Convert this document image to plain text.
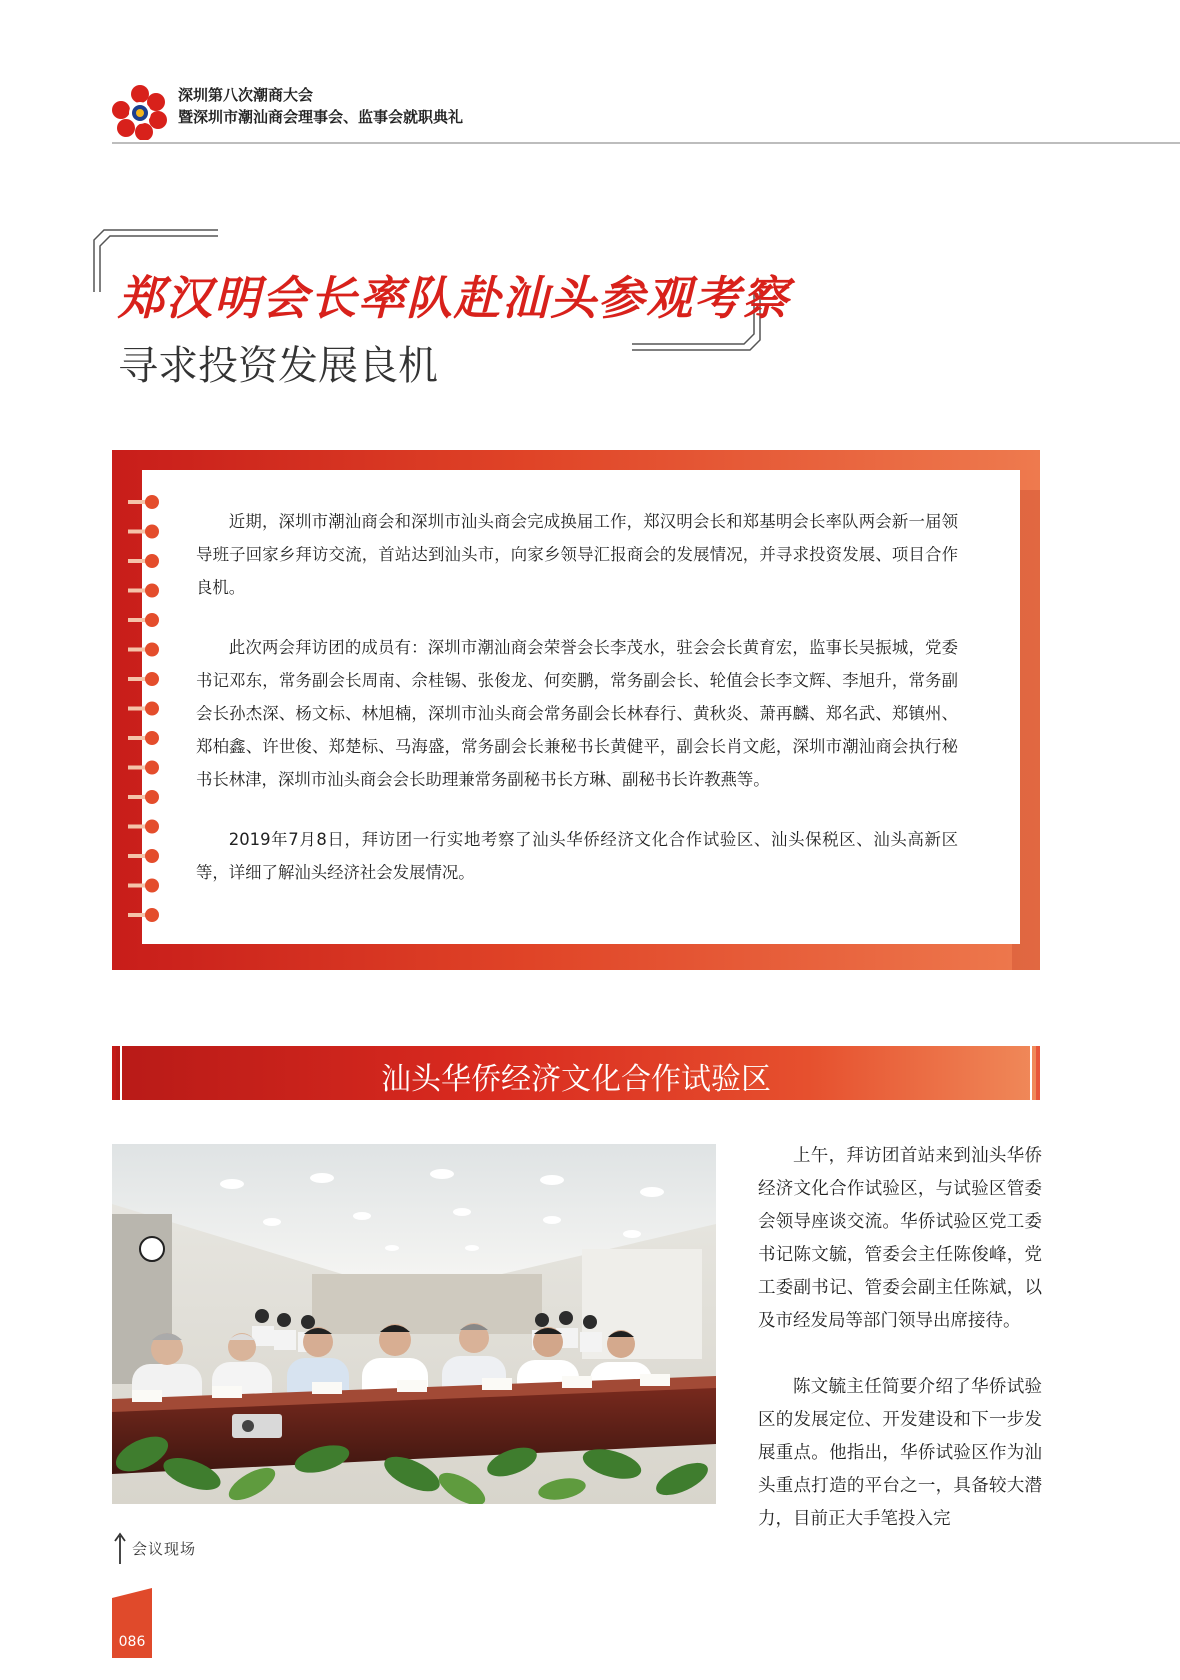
深圳第八次潮商大会
暨深圳市潮汕商会理事会、监事会就职典礼
郑汉明会长率队赴汕头参观考察
寻求投资发展良机

近期，深圳市潮汕商会和深圳市汕头商会完成换届工作，郑汉明会长和郑基明会长率队两会新一届领导班子回家乡拜访交流，首站达到汕头市，向家乡领导汇报商会的发展情况，并寻求投资发展、项目合作良机。

此次两会拜访团的成员有：深圳市潮汕商会荣誉会长李茂水，驻会会长黄育宏，监事长吴振城，党委书记邓东，常务副会长周南、佘桂锡、张俊龙、何奕鹏，常务副会长、轮值会长李文辉、李旭升，常务副会长孙杰深、杨文标、林旭楠，深圳市汕头商会常务副会长林春行、黄秋炎、萧再麟、郑名武、郑镇州、郑柏鑫、许世俊、郑楚标、马海盛，常务副会长兼秘书长黄健平，副会长肖文彪，深圳市潮汕商会执行秘书长林津，深圳市汕头商会会长助理兼常务副秘书长方琳、副秘书长许教燕等。

2019年7月8日，拜访团一行实地考察了汕头华侨经济文化合作试验区、汕头保税区、汕头高新区等，详细了解汕头经济社会发展情况。

汕头华侨经济文化合作试验区
会议现场

上午，拜访团首站来到汕头华侨经济文化合作试验区，与试验区管委会领导座谈交流。华侨试验区党工委书记陈文毓，管委会主任陈俊峰，党工委副书记、管委会副主任陈斌，以及市经发局等部门领导出席接待。

陈文毓主任简要介绍了华侨试验区的发展定位、开发建设和下一步发展重点。他指出，华侨试验区作为汕头重点打造的平台之一，具备较大潜力，目前正大手笔投入完

086
